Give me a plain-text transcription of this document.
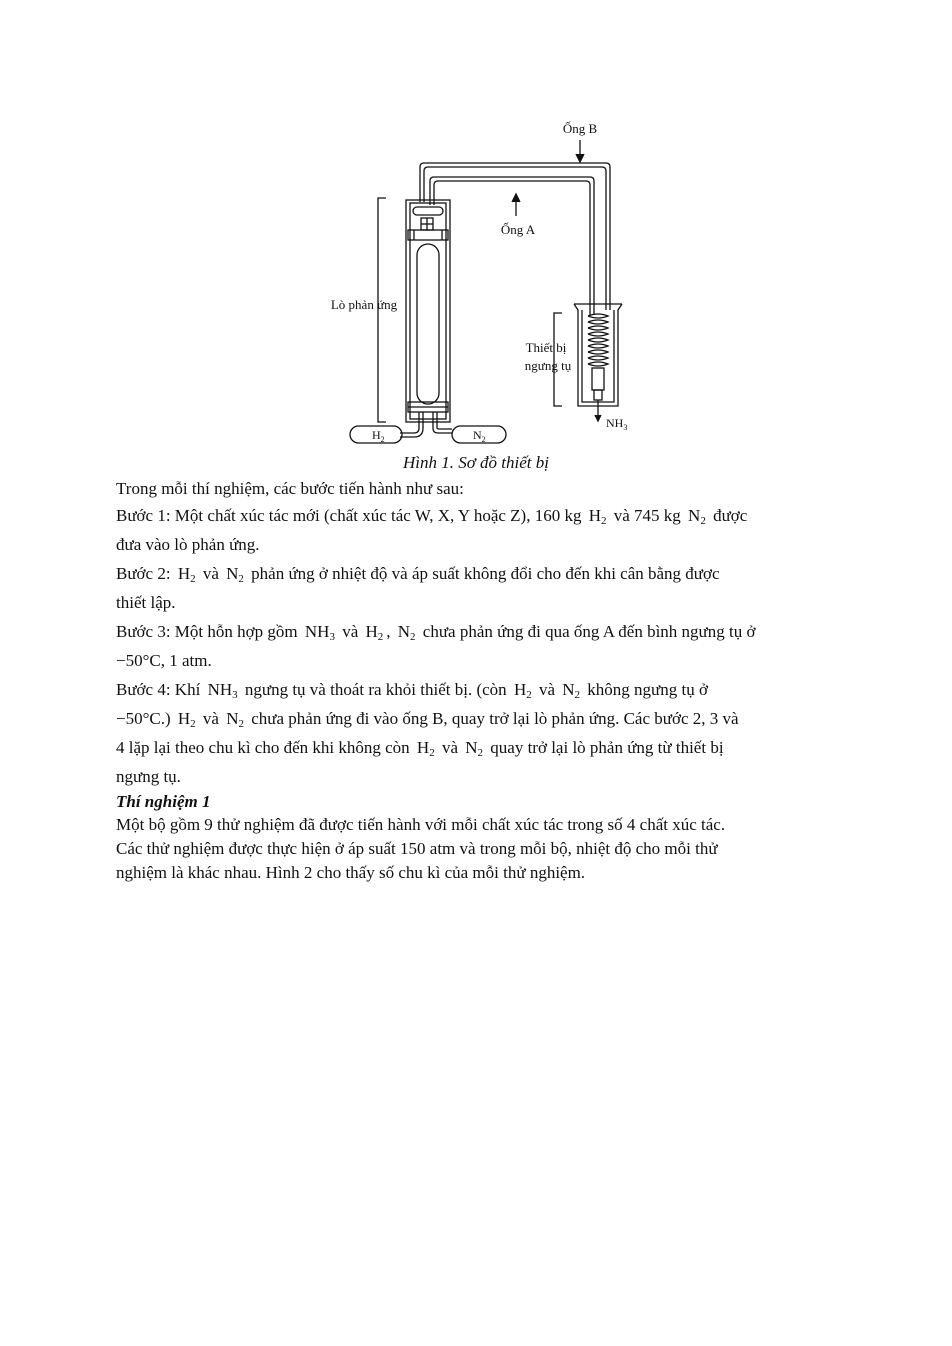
Ống B
Ống A
Lò phản ứng
Thiết bị
ngưng tụ
$NH_3$
$H_2$	$N_2$
Hình 1. Sơ đồ thiết bị

Trong mỗi thí nghiệm, các bước tiến hành như sau:

Bước 1: Một chất xúc tác mới (chất xúc tác W, X, Y hoặc Z), 160 kg $H_2$ và 745 kg $N_2$ được
đưa vào lò phản ứng.

Bước 2: $H_2$ và $N_2$ phản ứng ở nhiệt độ và áp suất không đổi cho đến khi cân bằng được
thiết lập.

Bước 3: Một hỗn hợp gồm $NH_3$ và $H_2$ , $N_2$ chưa phản ứng đi qua ống A đến bình ngưng tụ ở
−50°C, 1 atm.

Bước 4: Khí $NH_3$ ngưng tụ và thoát ra khỏi thiết bị. (còn $H_2$ và $N_2$ không ngưng tụ ở
−50°C.) $H_2$ và $N_2$ chưa phản ứng đi vào ống B, quay trở lại lò phản ứng. Các bước 2, 3 và
4 lặp lại theo chu kì cho đến khi không còn $H_2$ và $N_2$ quay trở lại lò phản ứng từ thiết bị
ngưng tụ.

Thí nghiệm 1

Một bộ gồm 9 thử nghiệm đã được tiến hành với mỗi chất xúc tác trong số 4 chất xúc tác.

Các thử nghiệm được thực hiện ở áp suất 150 atm và trong mỗi bộ, nhiệt độ cho mỗi thử

nghiệm là khác nhau. Hình 2 cho thấy số chu kì của mỗi thử nghiệm.
